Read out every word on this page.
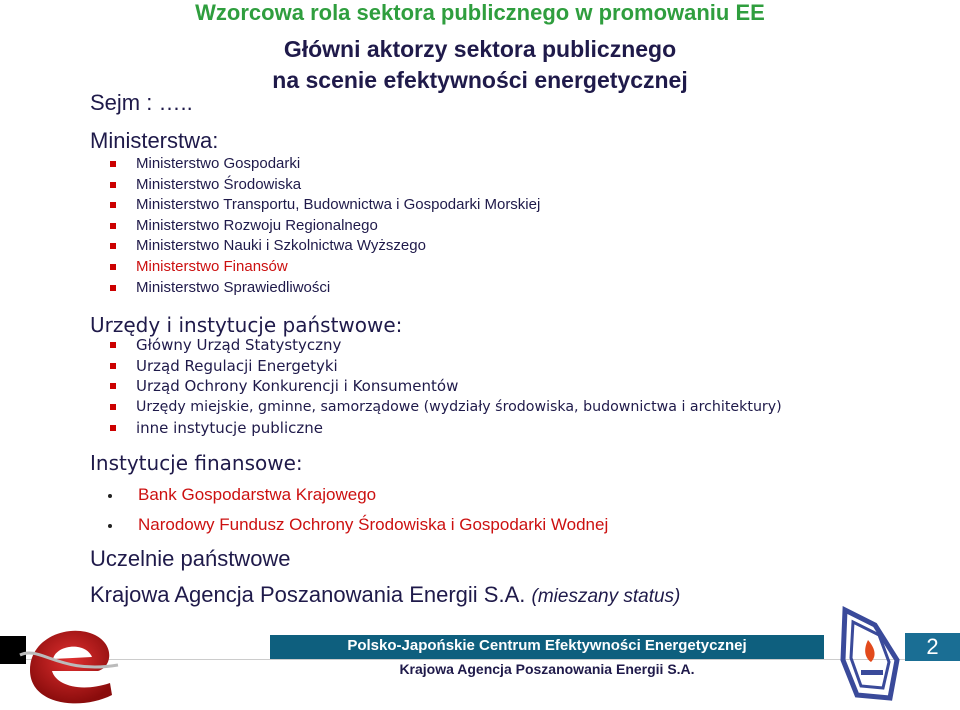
Wzorcowa rola sektora publicznego w promowaniu EE
Główni aktorzy sektora publicznego
na scenie efektywności energetycznej
Sejm : …..
Ministerstwa:
Ministerstwo Gospodarki
Ministerstwo Środowiska
Ministerstwo Transportu, Budownictwa i Gospodarki Morskiej
Ministerstwo Rozwoju Regionalnego
Ministerstwo Nauki i Szkolnictwa Wyższego
Ministerstwo Finansów
Ministerstwo Sprawiedliwości
Urzędy i instytucje państwowe:
Główny Urząd Statystyczny
Urząd Regulacji Energetyki
Urząd Ochrony Konkurencji i Konsumentów
Urzędy miejskie, gminne, samorządowe (wydziały środowiska, budownictwa i architektury)
inne instytucje publiczne
Instytucje finansowe:
Bank Gospodarstwa Krajowego
Narodowy Fundusz Ochrony Środowiska i Gospodarki Wodnej
Uczelnie państwowe
Krajowa Agencja Poszanowania Energii S.A. (mieszany status)
Polsko-Japońskie Centrum Efektywności Energetycznej
Krajowa Agencja Poszanowania Energii S.A.
2
